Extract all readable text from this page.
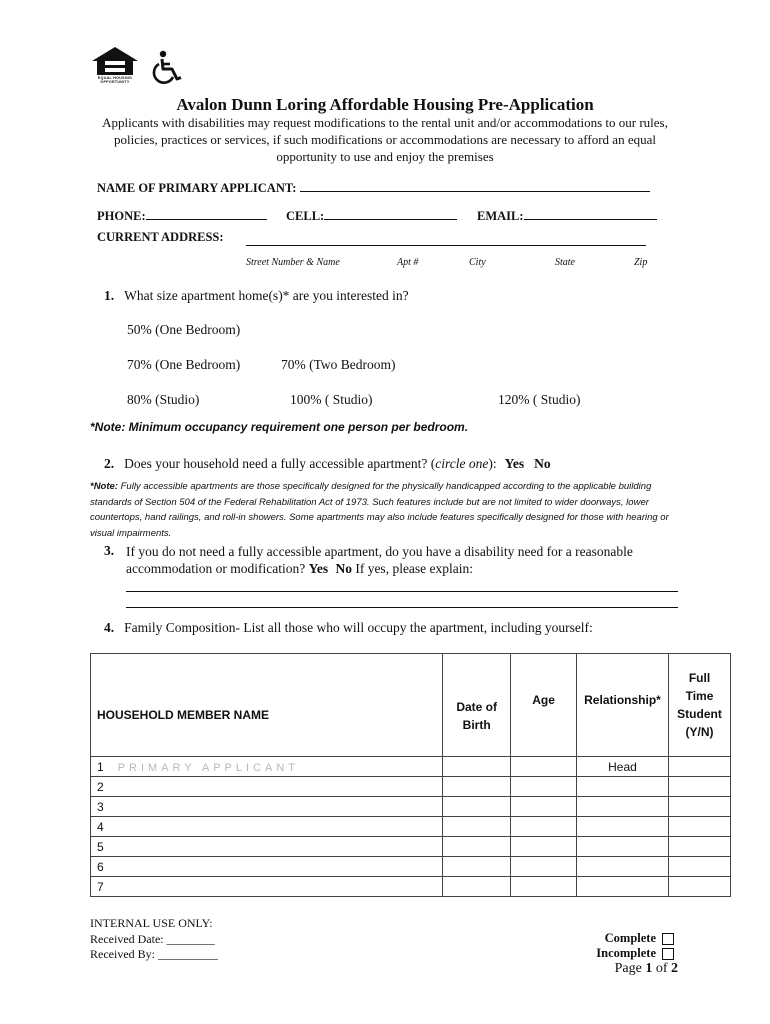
EQUAL HOUSING OPPORTUNITY
Avalon Dunn Loring Affordable Housing Pre-Application
Applicants with disabilities may request modifications to the rental unit and/or accommodations to our rules, policies, practices or services, if such modifications or accommodations are necessary to afford an equal opportunity to use and enjoy the premises
NAME OF PRIMARY APPLICANT:
PHONE:	CELL:	EMAIL:
CURRENT ADDRESS:
Street Number & Name	Apt #	City	State	Zip
1. What size apartment home(s)* are you interested in?
50% (One Bedroom)
70% (One Bedroom)	70% (Two Bedroom)
80% (Studio)	100% ( Studio)	120% ( Studio)
*Note: Minimum occupancy requirement one person per bedroom.
2. Does your household need a fully accessible apartment? (circle one): Yes No
*Note: Fully accessible apartments are those specifically designed for the physically handicapped according to the applicable building standards of Section 504 of the Federal Rehabilitation Act of 1973. Such features include but are not limited to wider doorways, lower countertops, hand railings, and roll-in showers. Some apartments may also include features specifically designed for those with hearing or visual impairments.
3. If you do not need a fully accessible apartment, do you have a disability need for a reasonable accommodation or modification? Yes No If yes, please explain:
4. Family Composition- List all those who will occupy the apartment, including yourself:
HOUSEHOLD MEMBER NAME	Date of Birth	Age	Relationship*	Full Time Student (Y/N)
1 PRIMARY APPLICANT			Head	
2				
3				
4				
5				
6				
7				
INTERNAL USE ONLY:
Received Date: ________
Received By: __________
Complete
Incomplete
Page 1 of 2
